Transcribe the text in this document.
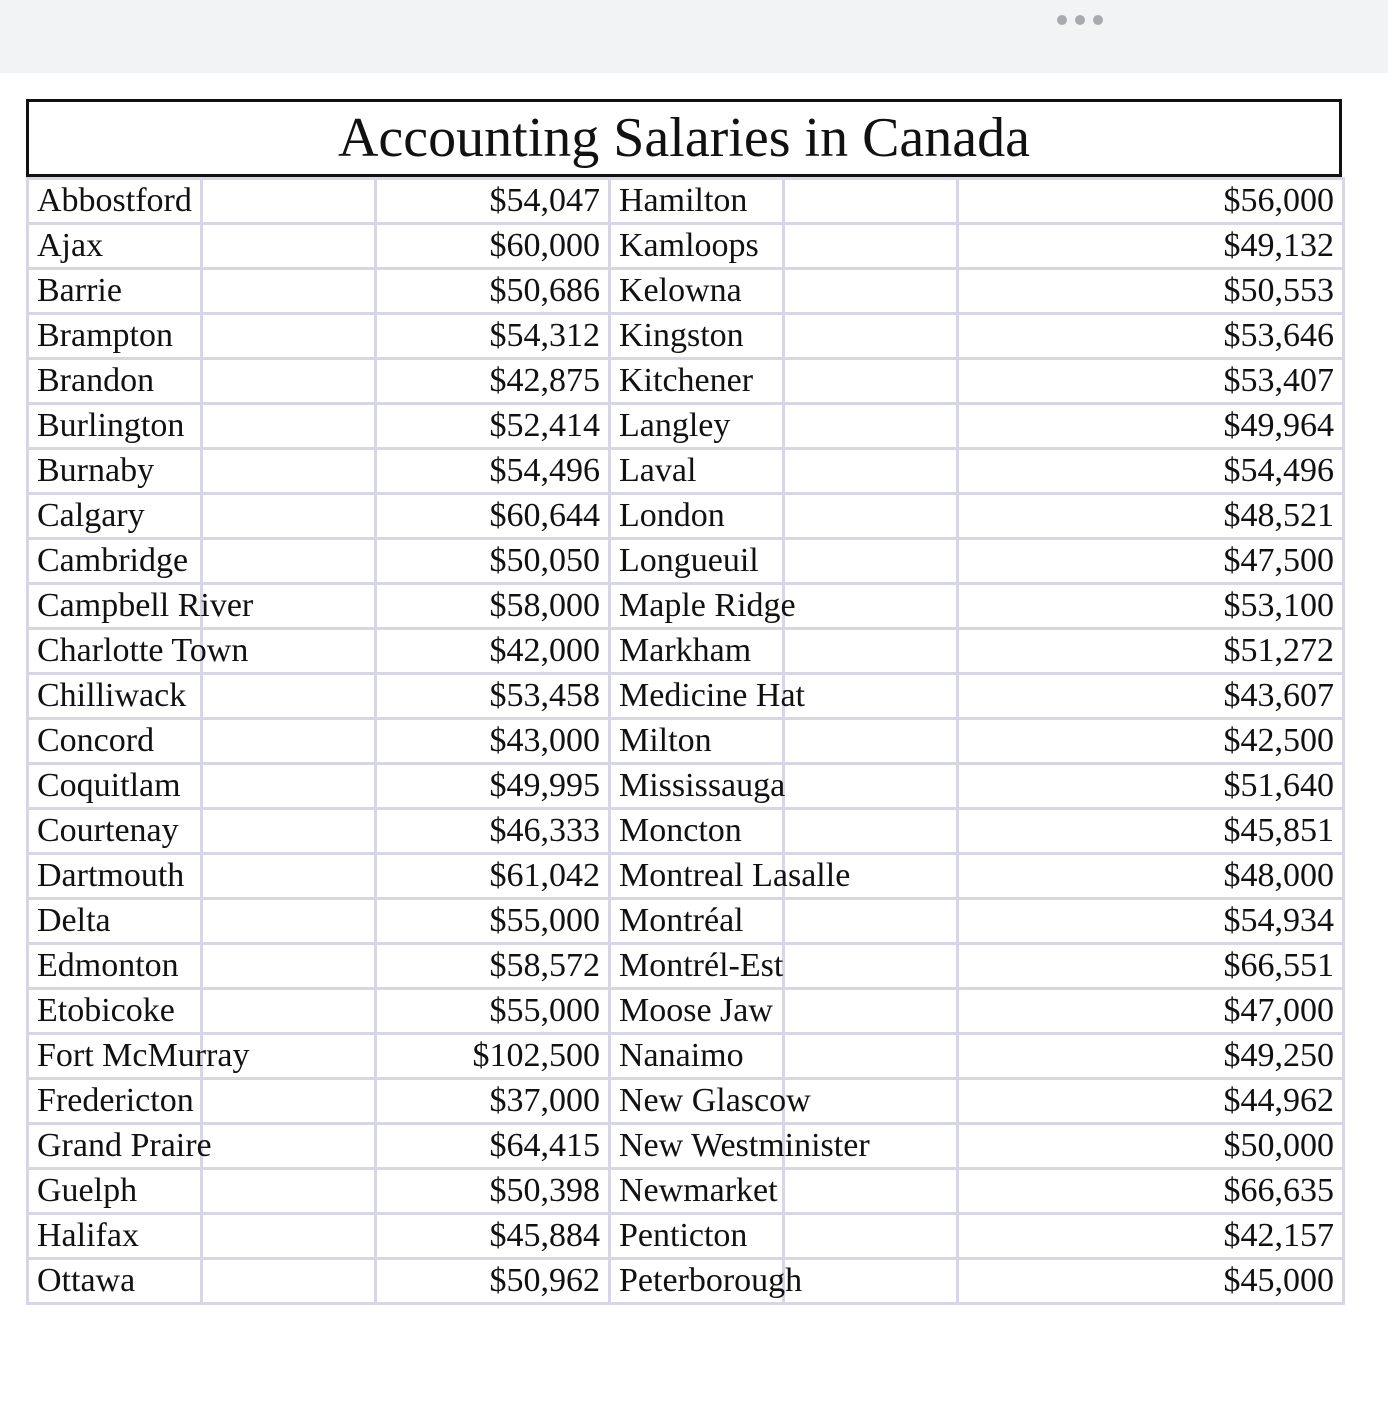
Accounting Salaries in Canada
Abbostford		$54,047	Hamilton		$56,000
Ajax		$60,000	Kamloops		$49,132
Barrie		$50,686	Kelowna		$50,553
Brampton		$54,312	Kingston		$53,646
Brandon		$42,875	Kitchener		$53,407
Burlington		$52,414	Langley		$49,964
Burnaby		$54,496	Laval		$54,496
Calgary		$60,644	London		$48,521
Cambridge		$50,050	Longueuil		$47,500
Campbell River		$58,000	Maple Ridge		$53,100
Charlotte Town		$42,000	Markham		$51,272
Chilliwack		$53,458	Medicine Hat		$43,607
Concord		$43,000	Milton		$42,500
Coquitlam		$49,995	Mississauga		$51,640
Courtenay		$46,333	Moncton		$45,851
Dartmouth		$61,042	Montreal Lasalle		$48,000
Delta		$55,000	Montréal		$54,934
Edmonton		$58,572	Montrél-Est		$66,551
Etobicoke		$55,000	Moose Jaw		$47,000
Fort McMurray		$102,500	Nanaimo		$49,250
Fredericton		$37,000	New Glascow		$44,962
Grand Praire		$64,415	New Westminister		$50,000
Guelph		$50,398	Newmarket		$66,635
Halifax		$45,884	Penticton		$42,157
Ottawa		$50,962	Peterborough		$45,000
